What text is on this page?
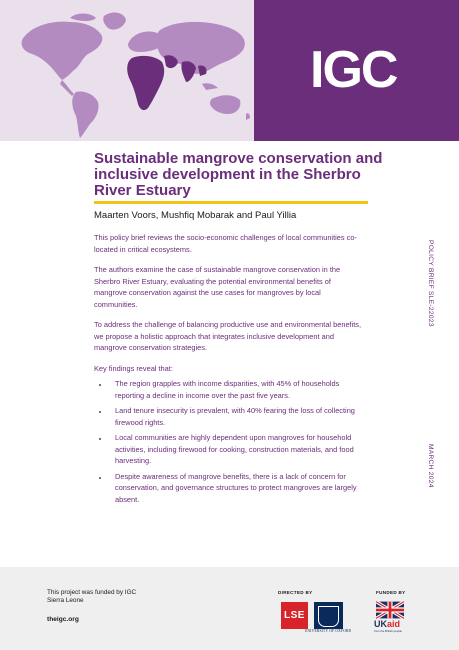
IGC
Sustainable mangrove conservation and inclusive development in the Sherbro River Estuary
Maarten Voors, Mushfiq Mobarak and Paul Yillia

This policy brief reviews the socio-economic challenges of local communities co-located in critical ecosystems.

The authors examine the case of sustainable mangrove conservation in the Sherbro River Estuary, evaluating the potential environmental benefits of mangrove conservation against the use cases for mangroves by local communities.

To address the challenge of balancing productive use and environmental benefits, we propose a holistic approach that integrates inclusive development and mangrove conservation strategies.

Key findings reveal that:

• The region grapples with income disparities, with 45% of households reporting a decline in income over the past five years.
• Land tenure insecurity is prevalent, with 40% fearing the loss of collecting firewood rights.
• Local communities are highly dependent upon mangroves for household activities, including firewood for cooking, construction materials, and food harvesting.
• Despite awareness of mangrove benefits, there is a lack of concern for conservation, and governance structures to protect mangroves are largely absent.
POLICY BRIEF SLE-22023
MARCH 2024
This project was funded by IGC Sierra Leone
theigc.org
DIRECTED BY
LSE
UNIVERSITY OF OXFORD
FUNDED BY
UKaid
from the British people
